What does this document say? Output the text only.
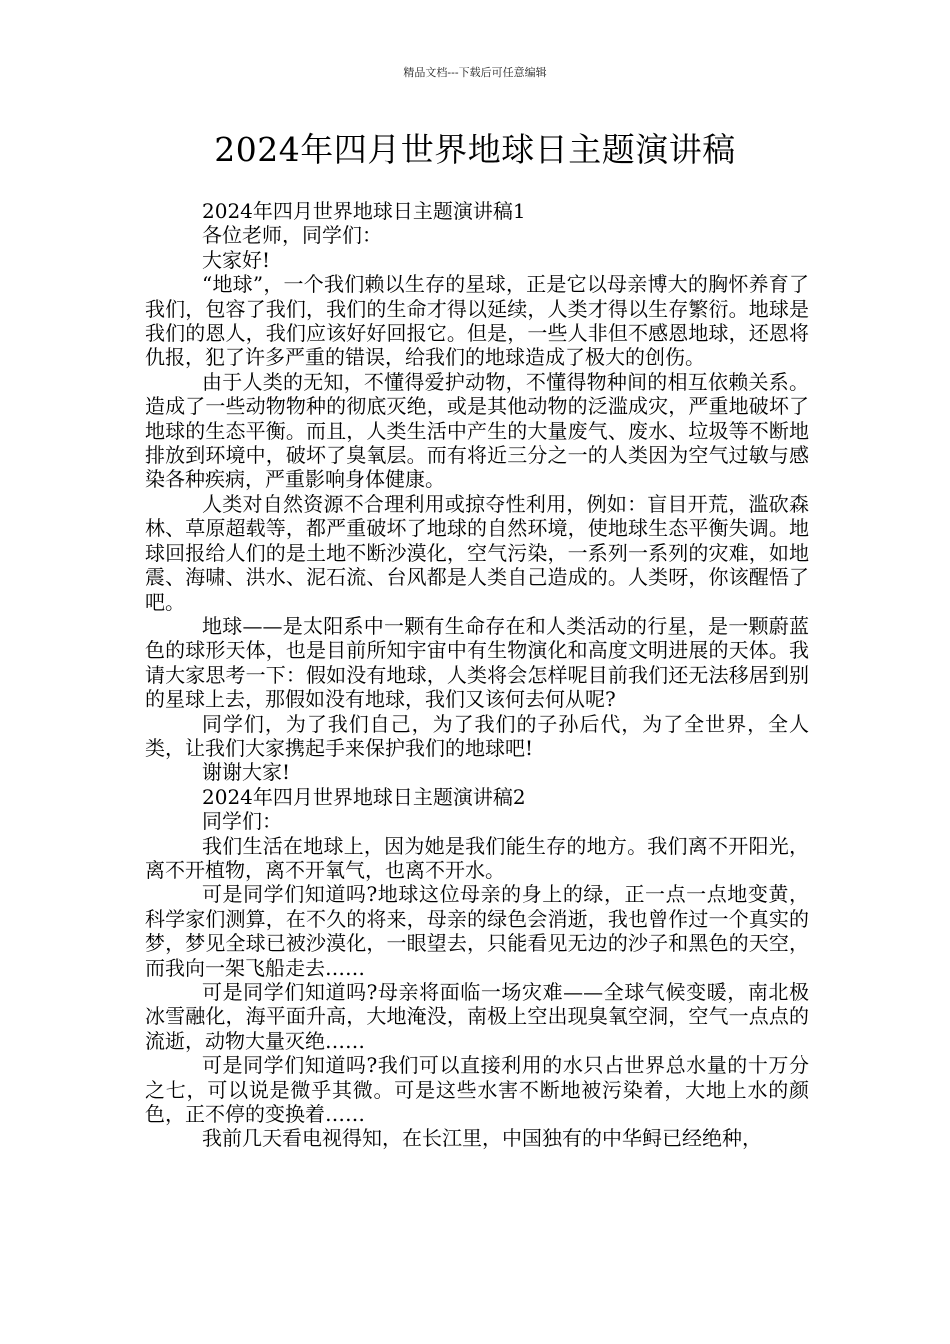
精品文档---下载后可任意编辑
2024年四月世界地球日主题演讲稿

2024年四月世界地球日主题演讲稿1

各位老师，同学们：

大家好!

“地球”，一个我们赖以生存的星球，正是它以母亲博大的胸怀养育了我们，包容了我们，我们的生命才得以延续，人类才得以生存繁衍。地球是我们的恩人，我们应该好好回报它。但是，一些人非但不感恩地球，还恩将仇报，犯了许多严重的错误，给我们的地球造成了极大的创伤。

由于人类的无知，不懂得爱护动物，不懂得物种间的相互依赖关系。造成了一些动物物种的彻底灭绝，或是其他动物的泛滥成灾，严重地破坏了地球的生态平衡。而且，人类生活中产生的大量废气、废水、垃圾等不断地排放到环境中，破坏了臭氧层。而有将近三分之一的人类因为空气过敏与感染各种疾病，严重影响身体健康。

人类对自然资源不合理利用或掠夺性利用，例如：盲目开荒，滥砍森林、草原超载等，都严重破坏了地球的自然环境，使地球生态平衡失调。地球回报给人们的是土地不断沙漠化，空气污染，一系列一系列的灾难，如地震、海啸、洪水、泥石流、台风都是人类自己造成的。人类呀，你该醒悟了吧。

地球——是太阳系中一颗有生命存在和人类活动的行星，是一颗蔚蓝色的球形天体，也是目前所知宇宙中有生物演化和高度文明进展的天体。我请大家思考一下：假如没有地球，人类将会怎样呢目前我们还无法移居到别的星球上去，那假如没有地球，我们又该何去何从呢?

同学们，为了我们自己，为了我们的子孙后代，为了全世界，全人类，让我们大家携起手来保护我们的地球吧!

谢谢大家!

2024年四月世界地球日主题演讲稿2

同学们：

我们生活在地球上，因为她是我们能生存的地方。我们离不开阳光，离不开植物，离不开氧气，也离不开水。

可是同学们知道吗?地球这位母亲的身上的绿，正一点一点地变黄，科学家们测算，在不久的将来，母亲的绿色会消逝，我也曾作过一个真实的梦，梦见全球已被沙漠化，一眼望去，只能看见无边的沙子和黑色的天空，而我向一架飞船走去……

可是同学们知道吗?母亲将面临一场灾难——全球气候变暖，南北极冰雪融化，海平面升高，大地淹没，南极上空出现臭氧空洞，空气一点点的流逝，动物大量灭绝……

可是同学们知道吗?我们可以直接利用的水只占世界总水量的十万分之七，可以说是微乎其微。可是这些水害不断地被污染着，大地上水的颜色，正不停的变换着……

我前几天看电视得知，在长江里，中国独有的中华鲟已经绝种，
